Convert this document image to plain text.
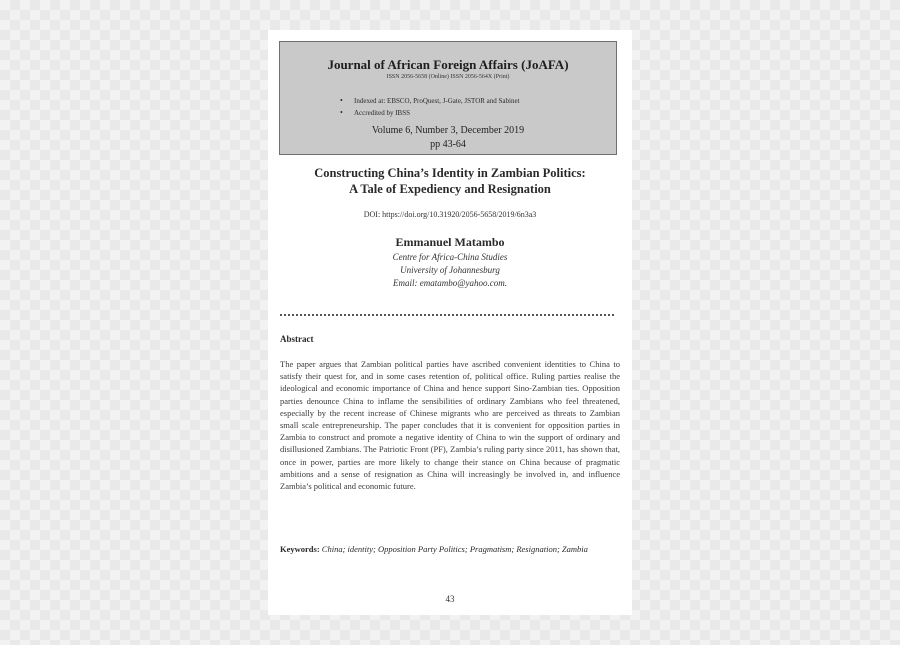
Journal of African Foreign Affairs (JoAFA)
ISSN 2056-5658 (Online) ISSN 2056-564X (Print)
•	Indexed at: EBSCO, ProQuest, J-Gate, JSTOR and Sabinet
•	Accredited by IBSS
Volume 6, Number 3, December 2019
pp 43-64
Constructing China’s Identity in Zambian Politics:
A Tale of Expediency and Resignation
DOI: https://doi.org/10.31920/2056-5658/2019/6n3a3
Emmanuel Matambo
Centre for Africa-China Studies
University of Johannesburg
Email: ematambo@yahoo.com.
Abstract
The paper argues that Zambian political parties have ascribed convenient identities to China to satisfy their quest for, and in some cases retention of, political office. Ruling parties realise the ideological and economic importance of China and hence support Sino-Zambian ties. Opposition parties denounce China to inflame the sensibilities of ordinary Zambians who feel threatened, especially by the recent increase of Chinese migrants who are perceived as threats to Zambian small scale entrepreneurship. The paper concludes that it is convenient for opposition parties in Zambia to construct and promote a negative identity of China to win the support of ordinary and disillusioned Zambians. The Patriotic Front (PF), Zambia’s ruling party since 2011, has shown that, once in power, parties are more likely to change their stance on China because of pragmatic ambitions and a sense of resignation as China will increasingly be involved in, and influence Zambia’s political and economic future.
Keywords: China; identity; Opposition Party Politics; Pragmatism; Resignation; Zambia
43
